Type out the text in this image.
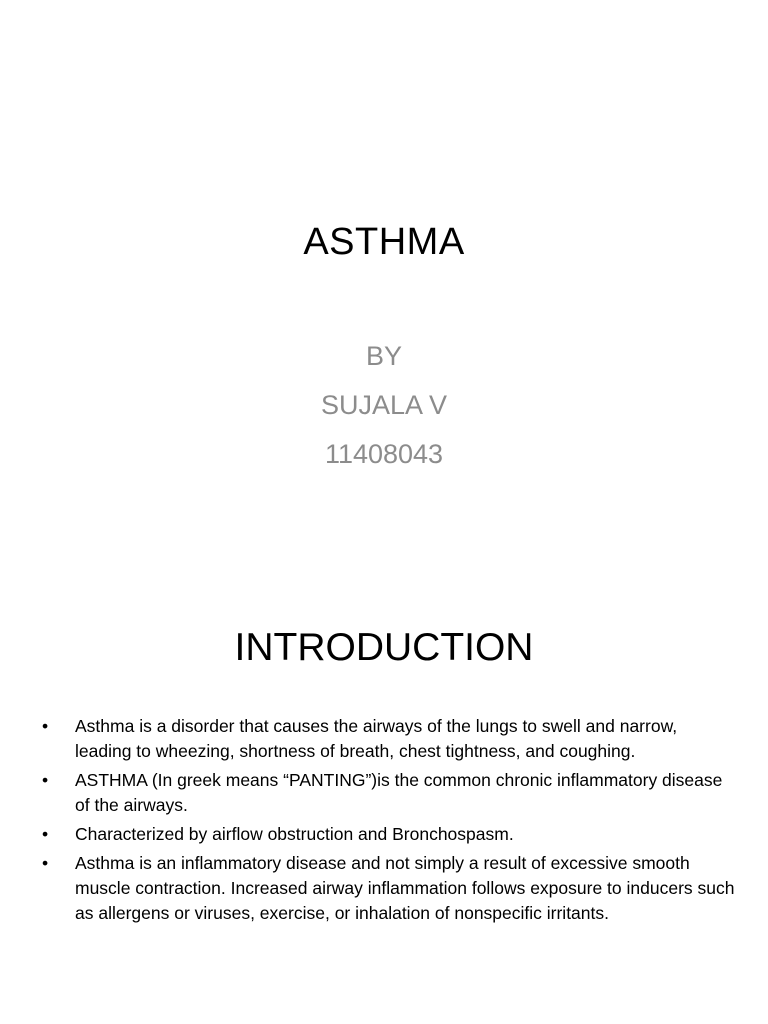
ASTHMA
BY
SUJALA V
11408043
INTRODUCTION
• Asthma is a disorder that causes the airways of the lungs to swell and narrow, leading to wheezing, shortness of breath, chest tightness, and coughing.
• ASTHMA (In greek means “PANTING”)is the common chronic inflammatory disease of the airways.
• Characterized by airflow obstruction and Bronchospasm.
• Asthma is an inflammatory disease and not simply a result of excessive smooth muscle contraction. Increased airway inflammation follows exposure to inducers such as allergens or viruses, exercise, or inhalation of nonspecific irritants.
